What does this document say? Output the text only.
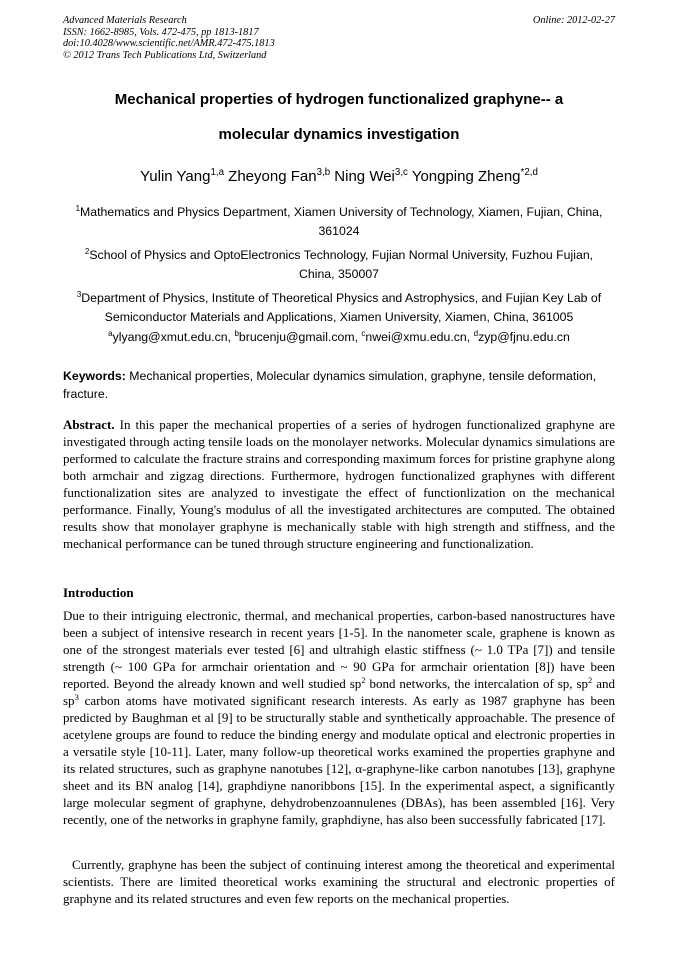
Advanced Materials Research
ISSN: 1662-8985, Vols. 472-475, pp 1813-1817
doi:10.4028/www.scientific.net/AMR.472-475.1813
© 2012 Trans Tech Publications Ltd, Switzerland
Online: 2012-02-27
Mechanical properties of hydrogen functionalized graphyne-- a
molecular dynamics investigation
Yulin Yang$^{1,a}$ Zheyong Fan$^{3,b}$ Ning Wei$^{3,c}$ Yongping Zheng$^{*2,d}$
$^1$Mathematics and Physics Department, Xiamen University of Technology, Xiamen, Fujian, China,
361024
$^2$School of Physics and OptoElectronics Technology, Fujian Normal University, Fuzhou Fujian,
China, 350007
$^3$Department of Physics, Institute of Theoretical Physics and Astrophysics, and Fujian Key Lab of
Semiconductor Materials and Applications, Xiamen University, Xiamen, China, 361005
$^a$ylyang@xmut.edu.cn, $^b$brucenju@gmail.com, $^c$nwei@xmu.edu.cn, $^d$zyp@fjnu.edu.cn
Keywords: Mechanical properties, Molecular dynamics simulation, graphyne, tensile deformation, fracture.
Abstract. In this paper the mechanical properties of a series of hydrogen functionalized graphyne are investigated through acting tensile loads on the monolayer networks. Molecular dynamics simulations are performed to calculate the fracture strains and corresponding maximum forces for pristine graphyne along both armchair and zigzag directions. Furthermore, hydrogen functionalized graphynes with different functionalization sites are analyzed to investigate the effect of functionlization on the mechanical performance. Finally, Young's modulus of all the investigated architectures are computed. The obtained results show that monolayer graphyne is mechanically stable with high strength and stiffness, and the mechanical performance can be tuned through structure engineering and functionalization.
Introduction
Due to their intriguing electronic, thermal, and mechanical properties, carbon-based nanostructures have been a subject of intensive research in recent years [1-5]. In the nanometer scale, graphene is known as one of the strongest materials ever tested [6] and ultrahigh elastic stiffness (~ 1.0 TPa [7]) and tensile strength (~ 100 GPa for armchair orientation and ~ 90 GPa for armchair orientation [8]) have been reported. Beyond the already known and well studied $sp^2$ bond networks, the intercalation of sp, $sp^2$ and $sp^3$ carbon atoms have motivated significant research interests. As early as 1987 graphyne has been predicted by Baughman et al [9] to be structurally stable and synthetically approachable. The presence of acetylene groups are found to reduce the binding energy and modulate optical and electronic properties in a versatile style [10-11]. Later, many follow-up theoretical works examined the properties graphyne and its related structures, such as graphyne nanotubes [12], α-graphyne-like carbon nanotubes [13], graphyne sheet and its BN analog [14], graphdiyne nanoribbons [15]. In the experimental aspect, a significantly large molecular segment of graphyne, dehydrobenzoannulenes (DBAs), has been assembled [16]. Very recently, one of the networks in graphyne family, graphdiyne, has also been successfully fabricated [17].
Currently, graphyne has been the subject of continuing interest among the theoretical and experimental scientists. There are limited theoretical works examining the structural and electronic properties of graphyne and its related structures and even few reports on the mechanical properties.
